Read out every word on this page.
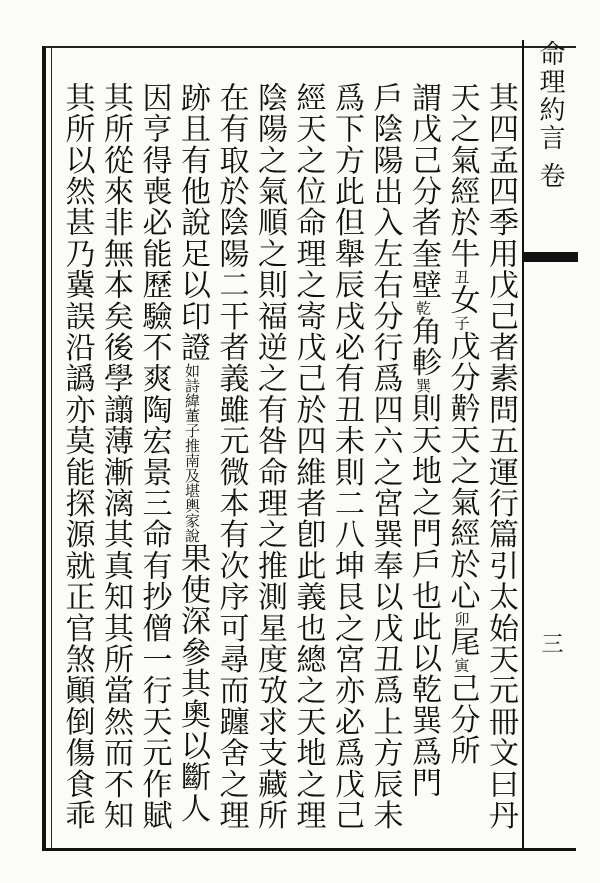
命理約言 卷
三
其四孟四季用戊己者素問五運行篇引太始天元冊文曰丹
天之氣經於牛丑女子戊分黅天之氣經於心卯尾寅己分所
謂戊己分者奎壁乾角軫巽則天地之門戶也此以乾巽爲門
戶陰陽出入左右分行爲四六之宮巽奉以戊丑爲上方辰未
爲下方此但舉辰戌必有丑未則二八坤艮之宮亦必爲戊己
經天之位命理之寄戊己於四維者卽此義也總之天地之理
陰陽之氣順之則福逆之有咎命理之推測星度攷求支藏所
在有取於陰陽二干者義雖元微本有次序可尋而躔舍之理
跡且有他說足以印證如詩緯董子推南及堪輿家說果使深參其奧以斷人
因亨得喪必能歷驗不爽陶宏景三命有抄僧一行天元作賦
其所從來非無本矣後學譾薄漸漓其真知其所當然而不知
其所以然甚乃冀誤沿譌亦莫能探源就正官煞顚倒傷食乖
